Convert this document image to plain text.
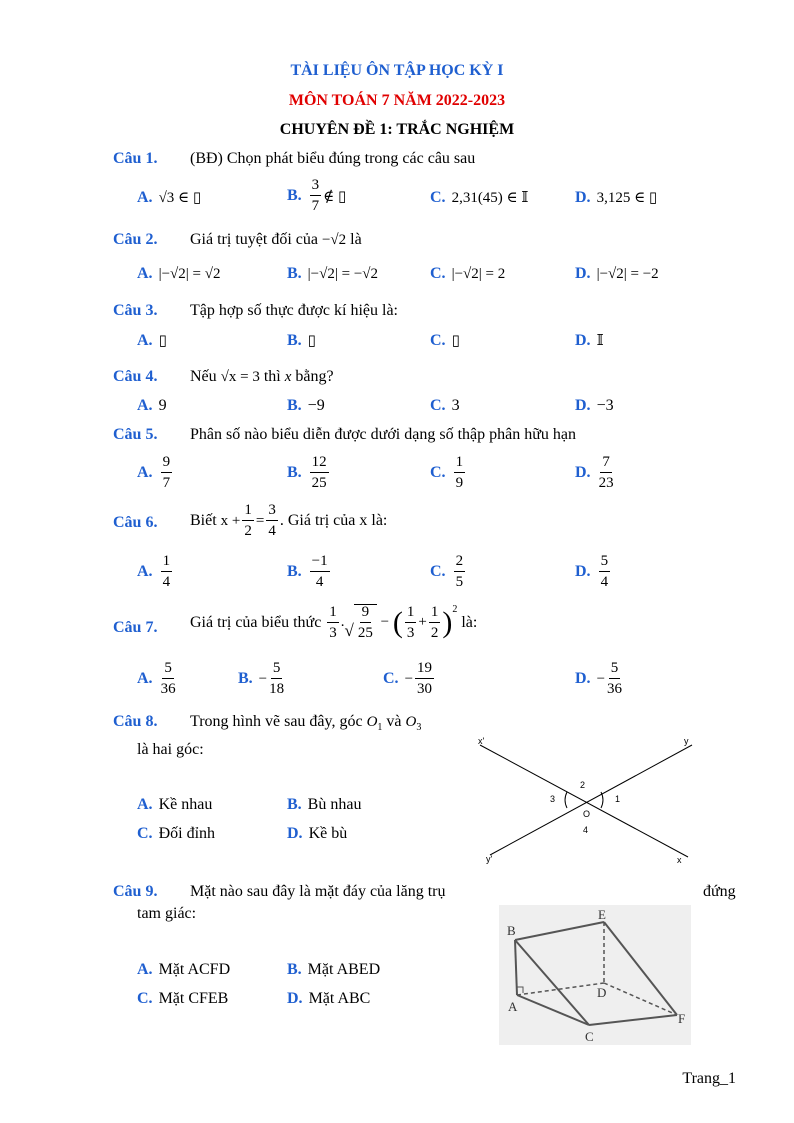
TÀI LIỆU ÔN TẬP HỌC KỲ I
MÔN TOÁN 7 NĂM 2022-2023
CHUYÊN ĐỀ 1: TRẮC NGHIỆM
Câu 1. (BĐ) Chọn phát biểu đúng trong các câu sau
A. √3 ∈ ▯	B. $\frac{3}{7}$ ∉ ▯	C. 2,31(45) ∈ 𝕀	D. 3,125 ∈ ▯
Câu 2. Giá trị tuyệt đối của −√2 là
A. |−√2| = √2	B. |−√2| = −√2	C. |−√2| = 2	D. |−√2| = −2
Câu 3. Tập hợp số thực được kí hiệu là:
A. ▯	B. ▯	C. ▯	D. 𝕀
Câu 4. Nếu √x = 3 thì x bằng?
A. 9	B. −9	C. 3	D. −3
Câu 5. Phân số nào biểu diễn được dưới dạng số thập phân hữu hạn
A. $\frac{9}{7}$	B. $\frac{12}{25}$	C. $\frac{1}{9}$	D. $\frac{7}{23}$
Câu 6. Biết
$x + \frac{1}{2} = \frac{3}{4}$ . Giá trị của x là:
A. $\frac{1}{4}$	B. $\frac{-1}{4}$	C. $\frac{2}{5}$	D. $\frac{5}{4}$
Câu 7. Giá trị của biểu thức
$\frac{1}{3}$ . √ $\frac{9}{25}$ − ( $\frac{1}{3} + \frac{1}{2} )^2$

là:
A. $\frac{5}{36}$	B. − $\frac{5}{18}$	C. − $\frac{19}{30}$	D. − $\frac{5}{36}$
Câu 8. Trong hình vẽ sau đây, góc $O_1$ và $O_3$
là hai góc:
A. Kề nhau	B. Bù nhau
C. Đối đỉnh	D. Kề bù
x'	y
y'	x
2
1
3
4
O
Câu 9. Mặt nào sau đây là mặt đáy của lăng trụ	đứng
tam giác:
A. Mặt ACFD	B. Mặt ABED
C. Mặt CFEB	D. Mặt ABC
B
E
D
A
C
F
Trang_1
